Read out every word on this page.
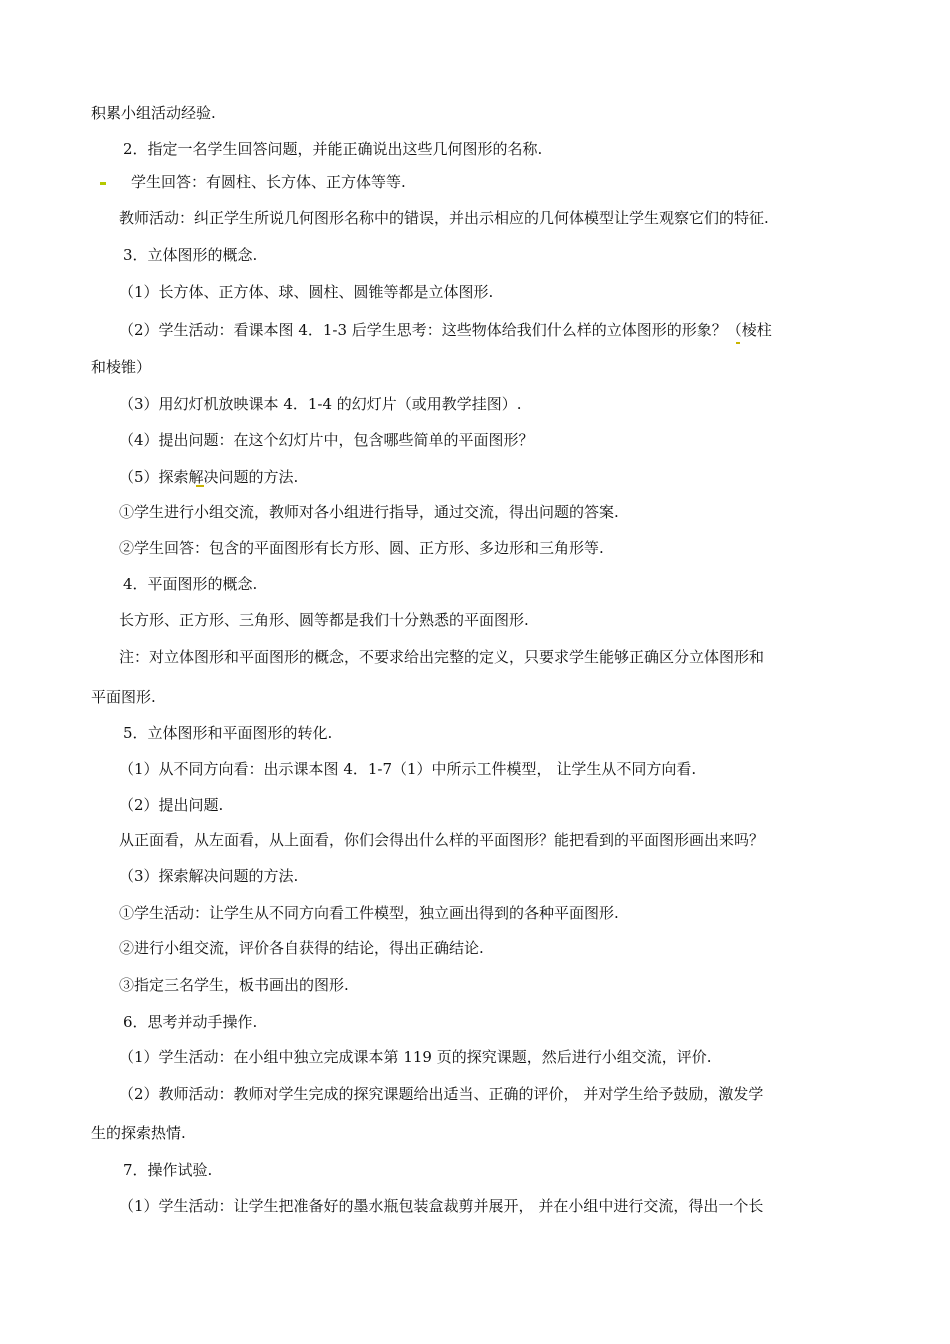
积累小组活动经验.
2．指定一名学生回答问题，并能正确说出这些几何图形的名称.
学生回答：有圆柱、长方体、正方体等等.
教师活动：纠正学生所说几何图形名称中的错误，并出示相应的几何体模型让学生观察它们的特征.
3．立体图形的概念.
（1）长方体、正方体、球、圆柱、圆锥等都是立体图形.
（2）学生活动：看课本图 4．1-3 后学生思考：这些物体给我们什么样的立体图形的形象？（棱柱
和棱锥）
（3）用幻灯机放映课本 4．1-4 的幻灯片（或用教学挂图）.
（4）提出问题：在这个幻灯片中，包含哪些简单的平面图形？
（5）探索解决问题的方法.
①学生进行小组交流，教师对各小组进行指导，通过交流，得出问题的答案.
②学生回答：包含的平面图形有长方形、圆、正方形、多边形和三角形等.
4．平面图形的概念.
长方形、正方形、三角形、圆等都是我们十分熟悉的平面图形.
注：对立体图形和平面图形的概念，不要求给出完整的定义，只要求学生能够正确区分立体图形和
平面图形.
5．立体图形和平面图形的转化.
（1）从不同方向看：出示课本图 4．1-7（1）中所示工件模型， 让学生从不同方向看.
（2）提出问题.
从正面看，从左面看，从上面看，你们会得出什么样的平面图形？能把看到的平面图形画出来吗？
（3）探索解决问题的方法.
①学生活动：让学生从不同方向看工件模型，独立画出得到的各种平面图形.
②进行小组交流，评价各自获得的结论，得出正确结论.
③指定三名学生，板书画出的图形.
6．思考并动手操作.
（1）学生活动：在小组中独立完成课本第 119 页的探究课题，然后进行小组交流，评价.
（2）教师活动：教师对学生完成的探究课题给出适当、正确的评价， 并对学生给予鼓励，激发学
生的探索热情.
7．操作试验.
（1）学生活动：让学生把准备好的墨水瓶包装盒裁剪并展开， 并在小组中进行交流，得出一个长
